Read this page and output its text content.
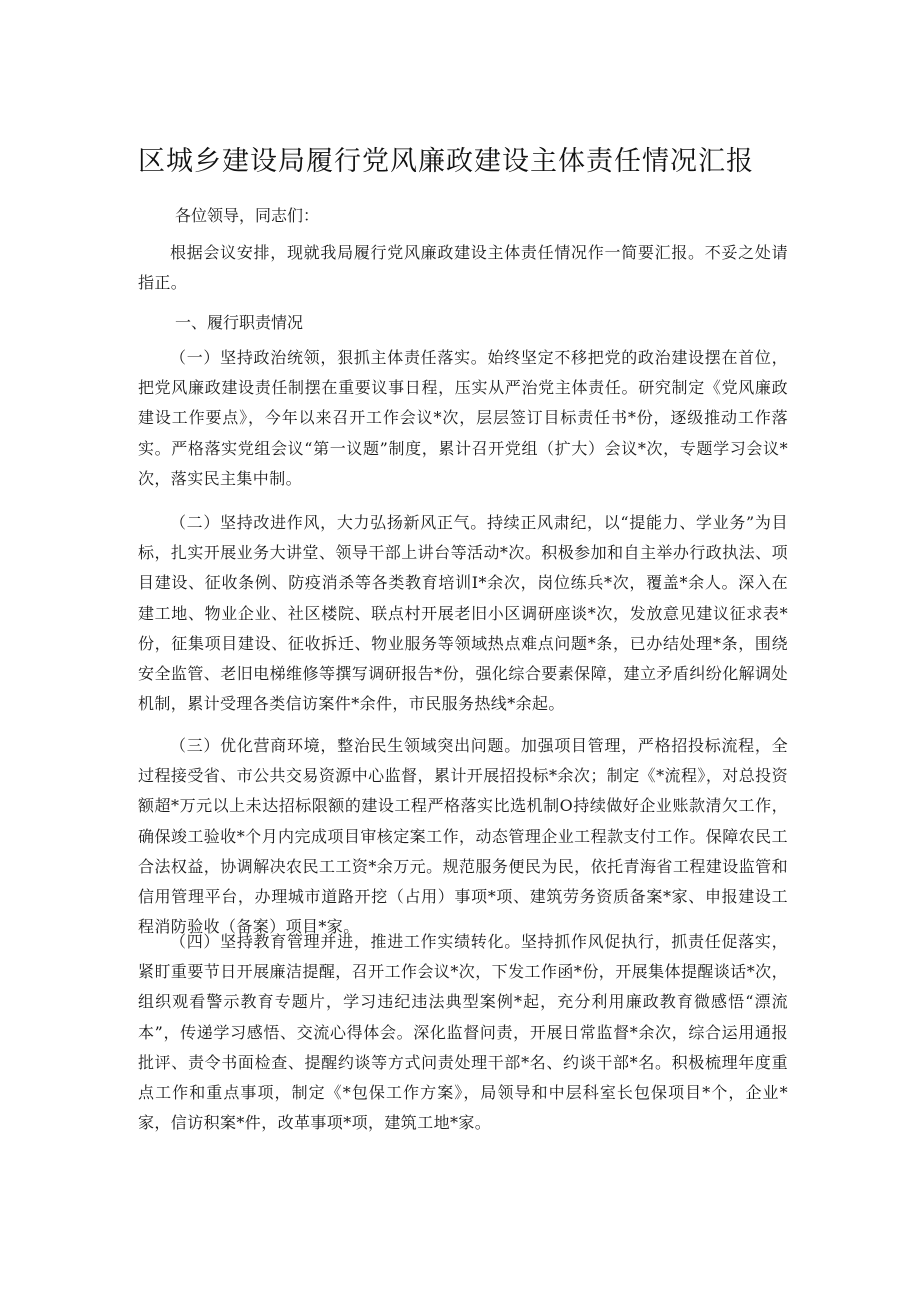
区城乡建设局履行党风廉政建设主体责任情况汇报
各位领导，同志们：

根据会议安排，现就我局履行党风廉政建设主体责任情况作一简要汇报。不妥之处请指正。

一、履行职责情况

（一）坚持政治统领，狠抓主体责任落实。始终坚定不移把党的政治建设摆在首位，把党风廉政建设责任制摆在重要议事日程，压实从严治党主体责任。研究制定《党风廉政建设工作要点》，今年以来召开工作会议*次，层层签订目标责任书*份，逐级推动工作落实。严格落实党组会议“第一议题”制度，累计召开党组（扩大）会议*次，专题学习会议*次，落实民主集中制。

（二）坚持改进作风，大力弘扬新风正气。持续正风肃纪，以“提能力、学业务”为目标，扎实开展业务大讲堂、领导干部上讲台等活动*次。积极参加和自主举办行政执法、项目建设、征收条例、防疫消杀等各类教育培训I*余次，岗位练兵*次，覆盖*余人。深入在建工地、物业企业、社区楼院、联点村开展老旧小区调研座谈*次，发放意见建议征求表*份，征集项目建设、征收拆迁、物业服务等领域热点难点问题*条，已办结处理*条，围绕安全监管、老旧电梯维修等撰写调研报告*份，强化综合要素保障，建立矛盾纠纷化解调处机制，累计受理各类信访案件*余件，市民服务热线*余起。

（三）优化营商环境，整治民生领域突出问题。加强项目管理，严格招投标流程，全过程接受省、市公共交易资源中心监督，累计开展招投标*余次；制定《*流程》，对总投资额超*万元以上未达招标限额的建设工程严格落实比选机制O持续做好企业账款清欠工作，确保竣工验收*个月内完成项目审核定案工作，动态管理企业工程款支付工作。保障农民工合法权益，协调解决农民工工资*余万元。规范服务便民为民，依托青海省工程建设监管和信用管理平台，办理城市道路开挖（占用）事项*项、建筑劳务资质备案*家、申报建设工程消防验收（备案）项目*家。

（四）坚持教育管理并进，推进工作实绩转化。坚持抓作风促执行，抓责任促落实，紧盯重要节日开展廉洁提醒，召开工作会议*次，下发工作函*份，开展集体提醒谈话*次，组织观看警示教育专题片，学习违纪违法典型案例*起，充分利用廉政教育微感悟“漂流本”，传递学习感悟、交流心得体会。深化监督问责，开展日常监督*余次，综合运用通报批评、责令书面检查、提醒约谈等方式问责处理干部*名、约谈干部*名。积极梳理年度重点工作和重点事项，制定《*包保工作方案》，局领导和中层科室长包保项目*个，企业*家，信访积案*件，改革事项*项，建筑工地*家。
